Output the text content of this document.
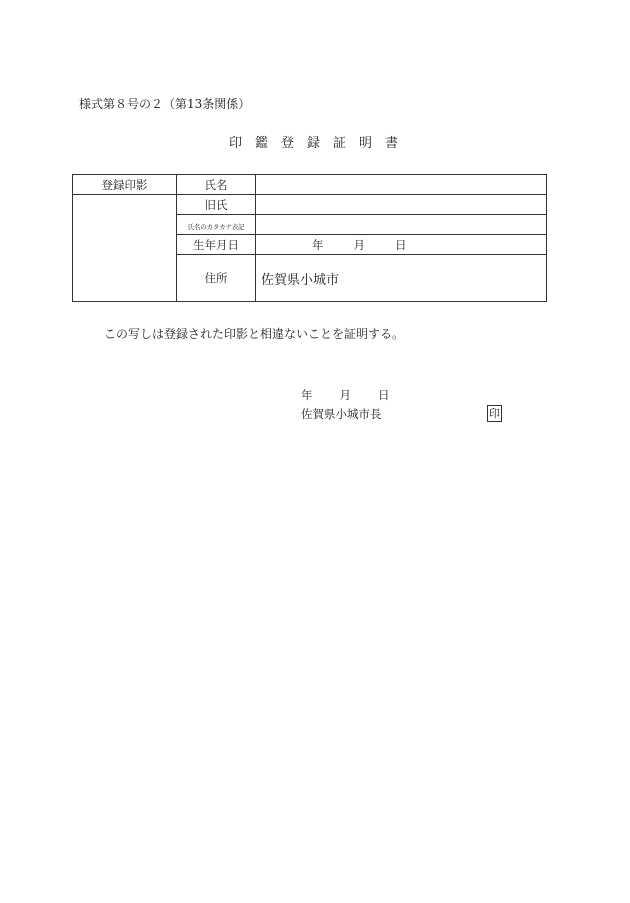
様式第８号の２（第13条関係）
印鑑登録証明書
登録印影	氏名	
	旧氏	
	氏名のカタカナ表記	
	生年月日	年 月 日
	住所	佐賀県小城市
この写しは登録された印影と相違ないことを証明する。
年 月 日
佐賀県小城市長	印
